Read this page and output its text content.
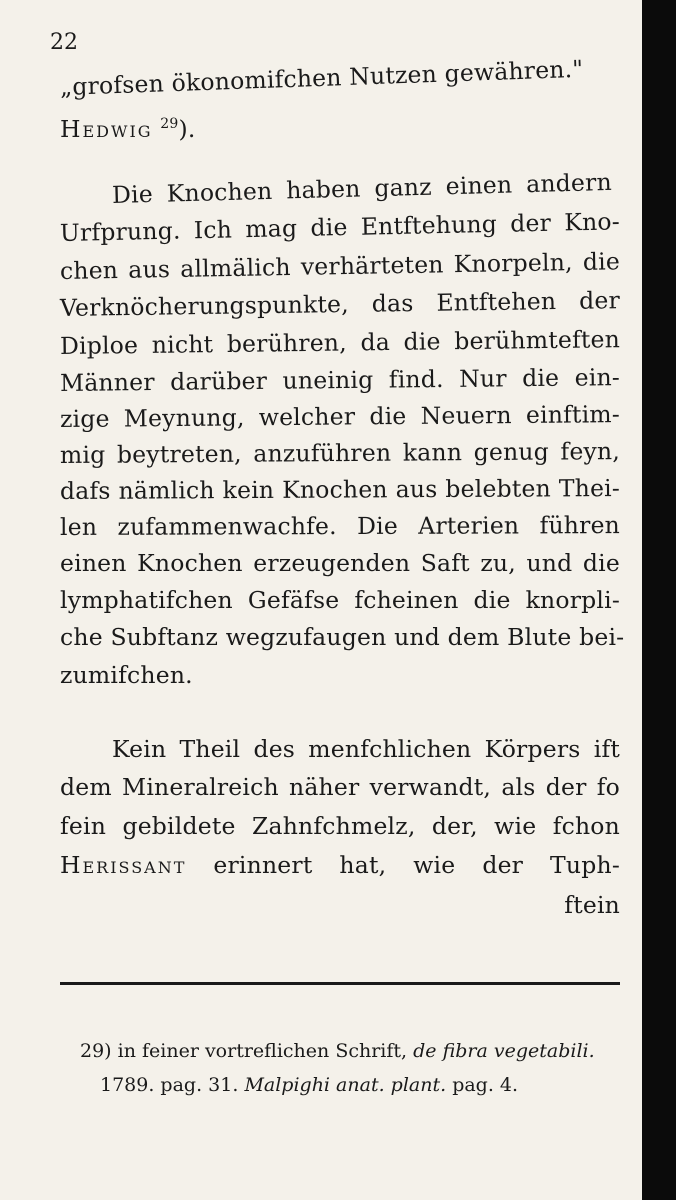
22
„grofsen ökonomifchen Nutzen gewähren."
Hedwig $^{29}$).
Die Knochen haben ganz einen andern
Urfprung. Ich mag die Entftehung der Kno-
chen aus allmälich verhärteten Knorpeln, die
Verknöcherungspunkte, das Entftehen der
Diploe nicht berühren, da die berühmteften
Männer darüber uneinig find. Nur die ein-
zige Meynung, welcher die Neuern einftim-
mig beytreten, anzuführen kann genug feyn,
dafs nämlich kein Knochen aus belebten Thei-
len zufammenwachfe. Die Arterien führen
einen Knochen erzeugenden Saft zu, und die
lymphatifchen Gefäfse fcheinen die knorpli-
che Subftanz wegzufaugen und dem Blute bei-
zumifchen.
Kein Theil des menfchlichen Körpers ift
dem Mineralreich näher verwandt, als der fo
fein gebildete Zahnfchmelz, der, wie fchon
Herissant erinnert hat, wie der Tuph-
ftein
29) in feiner vortreflichen Schrift, de fibra vegetabili.
1789. pag. 31. Malpighi anat. plant. pag. 4.
